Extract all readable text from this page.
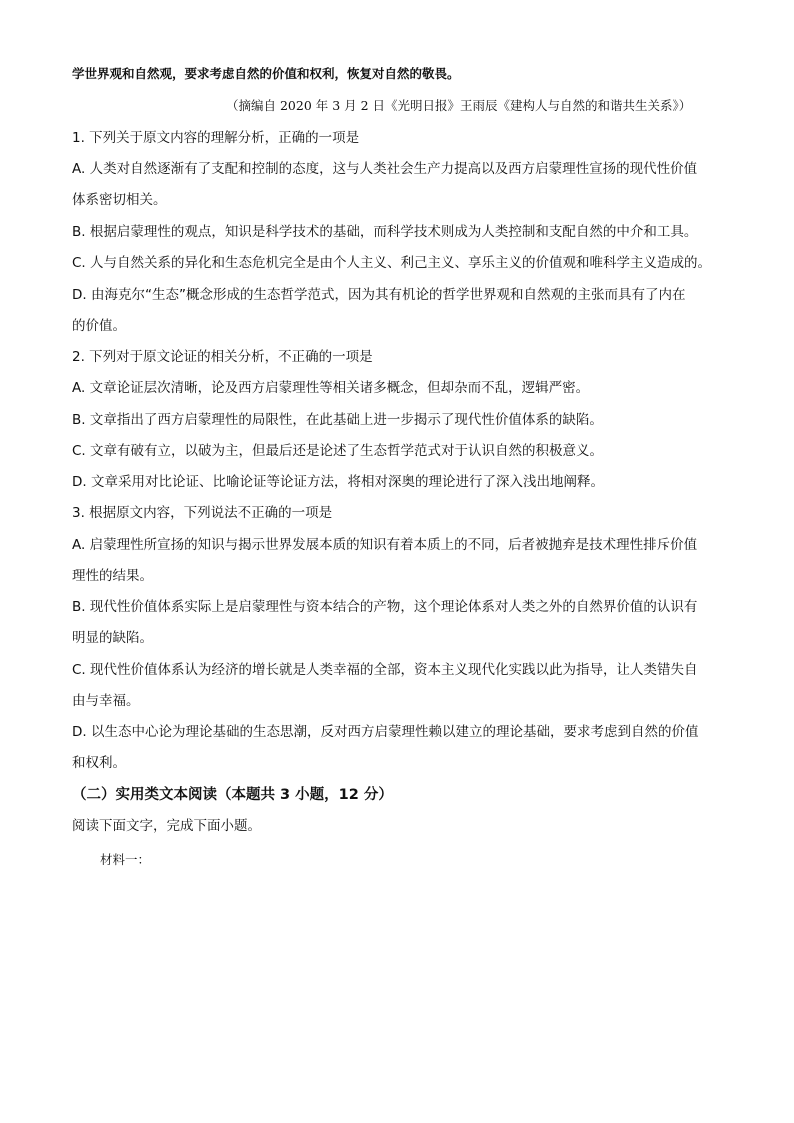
学世界观和自然观，要求考虑自然的价值和权利，恢复对自然的敬畏。
（摘编自 2020 年 3 月 2 日《光明日报》王雨辰《建构人与自然的和谐共生关系》）
1. 下列关于原文内容的理解分析，正确的一项是
A. 人类对自然逐渐有了支配和控制的态度，这与人类社会生产力提高以及西方启蒙理性宣扬的现代性价值
体系密切相关。
B. 根据启蒙理性的观点，知识是科学技术的基础，而科学技术则成为人类控制和支配自然的中介和工具。
C. 人与自然关系的异化和生态危机完全是由个人主义、利己主义、享乐主义的价值观和唯科学主义造成的。
D. 由海克尔“生态”概念形成的生态哲学范式，因为其有机论的哲学世界观和自然观的主张而具有了内在
的价值。
2. 下列对于原文论证的相关分析，不正确的一项是
A. 文章论证层次清晰，论及西方启蒙理性等相关诸多概念，但却杂而不乱，逻辑严密。
B. 文章指出了西方启蒙理性的局限性，在此基础上进一步揭示了现代性价值体系的缺陷。
C. 文章有破有立，以破为主，但最后还是论述了生态哲学范式对于认识自然的积极意义。
D. 文章采用对比论证、比喻论证等论证方法，将相对深奥的理论进行了深入浅出地阐释。
3. 根据原文内容，下列说法不正确的一项是
A. 启蒙理性所宣扬的知识与揭示世界发展本质的知识有着本质上的不同，后者被抛弃是技术理性排斥价值
理性的结果。
B. 现代性价值体系实际上是启蒙理性与资本结合的产物，这个理论体系对人类之外的自然界价值的认识有
明显的缺陷。
C. 现代性价值体系认为经济的增长就是人类幸福的全部，资本主义现代化实践以此为指导，让人类错失自
由与幸福。
D. 以生态中心论为理论基础的生态思潮，反对西方启蒙理性赖以建立的理论基础，要求考虑到自然的价值
和权利。
（二）实用类文本阅读（本题共 3 小题，12 分）
阅读下面文字，完成下面小题。
材料一：
